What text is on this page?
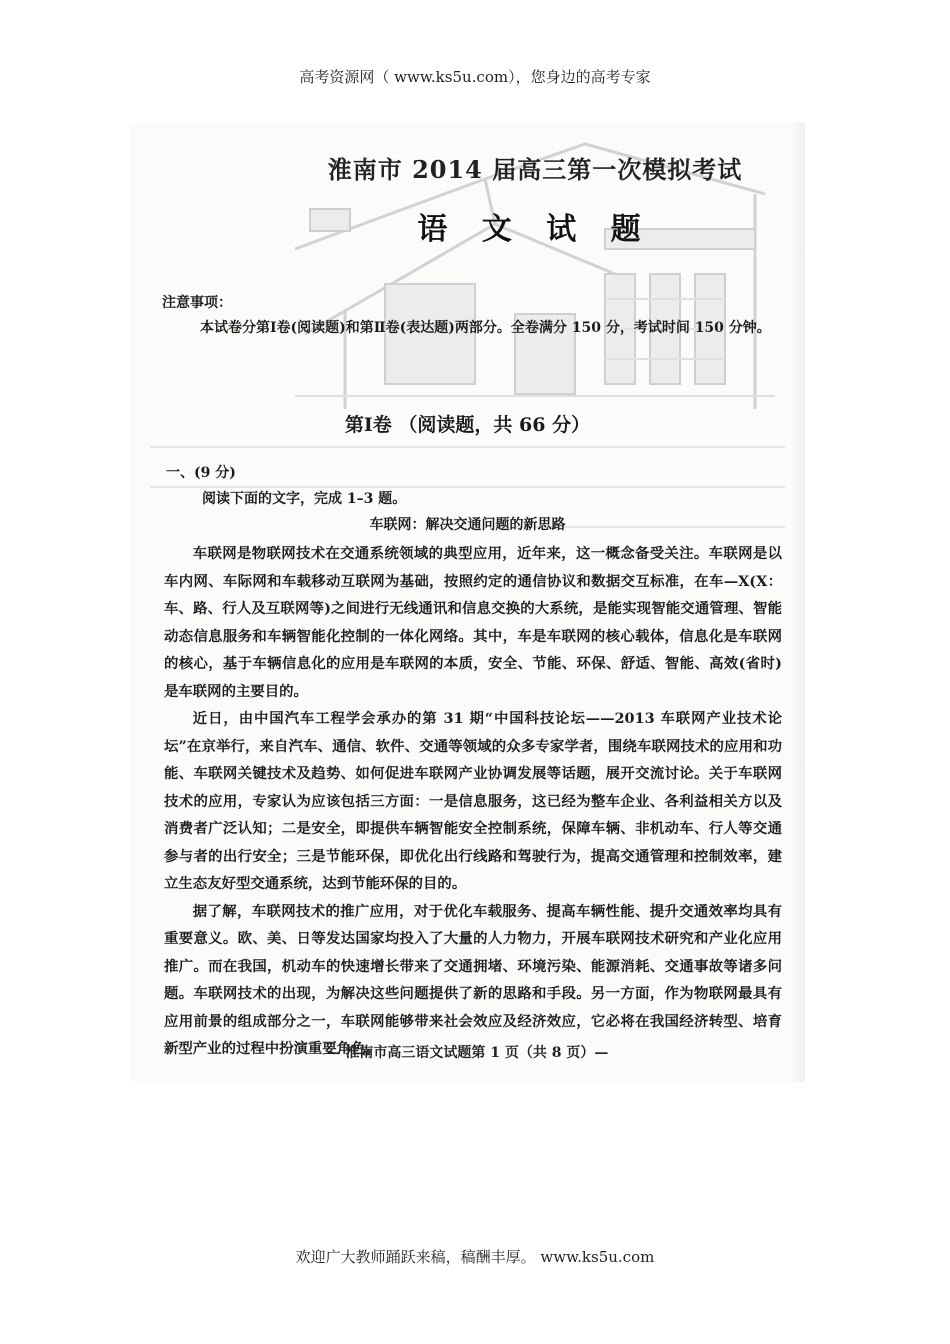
高考资源网（ www.ks5u.com），您身边的高考专家
淮南市 2014 届高三第一次模拟考试
语 文 试 题
注意事项：
本试卷分第Ⅰ卷(阅读题)和第Ⅱ卷(表达题)两部分。全卷满分 150 分，考试时间 150 分钟。
第Ⅰ卷 （阅读题，共 66 分）
一、(9 分)
阅读下面的文字，完成 1–3 题。
车联网：解决交通问题的新思路

车联网是物联网技术在交通系统领域的典型应用，近年来，这一概念备受关注。车联网是以车内网、车际网和车载移动互联网为基础，按照约定的通信协议和数据交互标准，在车—X(X：车、路、行人及互联网等)之间进行无线通讯和信息交换的大系统，是能实现智能交通管理、智能动态信息服务和车辆智能化控制的一体化网络。其中，车是车联网的核心载体，信息化是车联网的核心，基于车辆信息化的应用是车联网的本质，安全、节能、环保、舒适、智能、高效(省时)是车联网的主要目的。

近日，由中国汽车工程学会承办的第 31 期“中国科技论坛——2013 车联网产业技术论坛”在京举行，来自汽车、通信、软件、交通等领域的众多专家学者，围绕车联网技术的应用和功能、车联网关键技术及趋势、如何促进车联网产业协调发展等话题，展开交流讨论。关于车联网技术的应用，专家认为应该包括三方面：一是信息服务，这已经为整车企业、各利益相关方以及消费者广泛认知；二是安全，即提供车辆智能安全控制系统，保障车辆、非机动车、行人等交通参与者的出行安全；三是节能环保，即优化出行线路和驾驶行为，提高交通管理和控制效率，建立生态友好型交通系统，达到节能环保的目的。

据了解，车联网技术的推广应用，对于优化车载服务、提高车辆性能、提升交通效率均具有重要意义。欧、美、日等发达国家均投入了大量的人力物力，开展车联网技术研究和产业化应用推广。而在我国，机动车的快速增长带来了交通拥堵、环境污染、能源消耗、交通事故等诸多问题。车联网技术的出现，为解决这些问题提供了新的思路和手段。另一方面，作为物联网最具有应用前景的组成部分之一，车联网能够带来社会效应及经济效应，它必将在我国经济转型、培育新型产业的过程中扮演重要角色。

— 淮南市高三语文试题第 1 页（共 8 页）—
欢迎广大教师踊跃来稿，稿酬丰厚。 www.ks5u.com
